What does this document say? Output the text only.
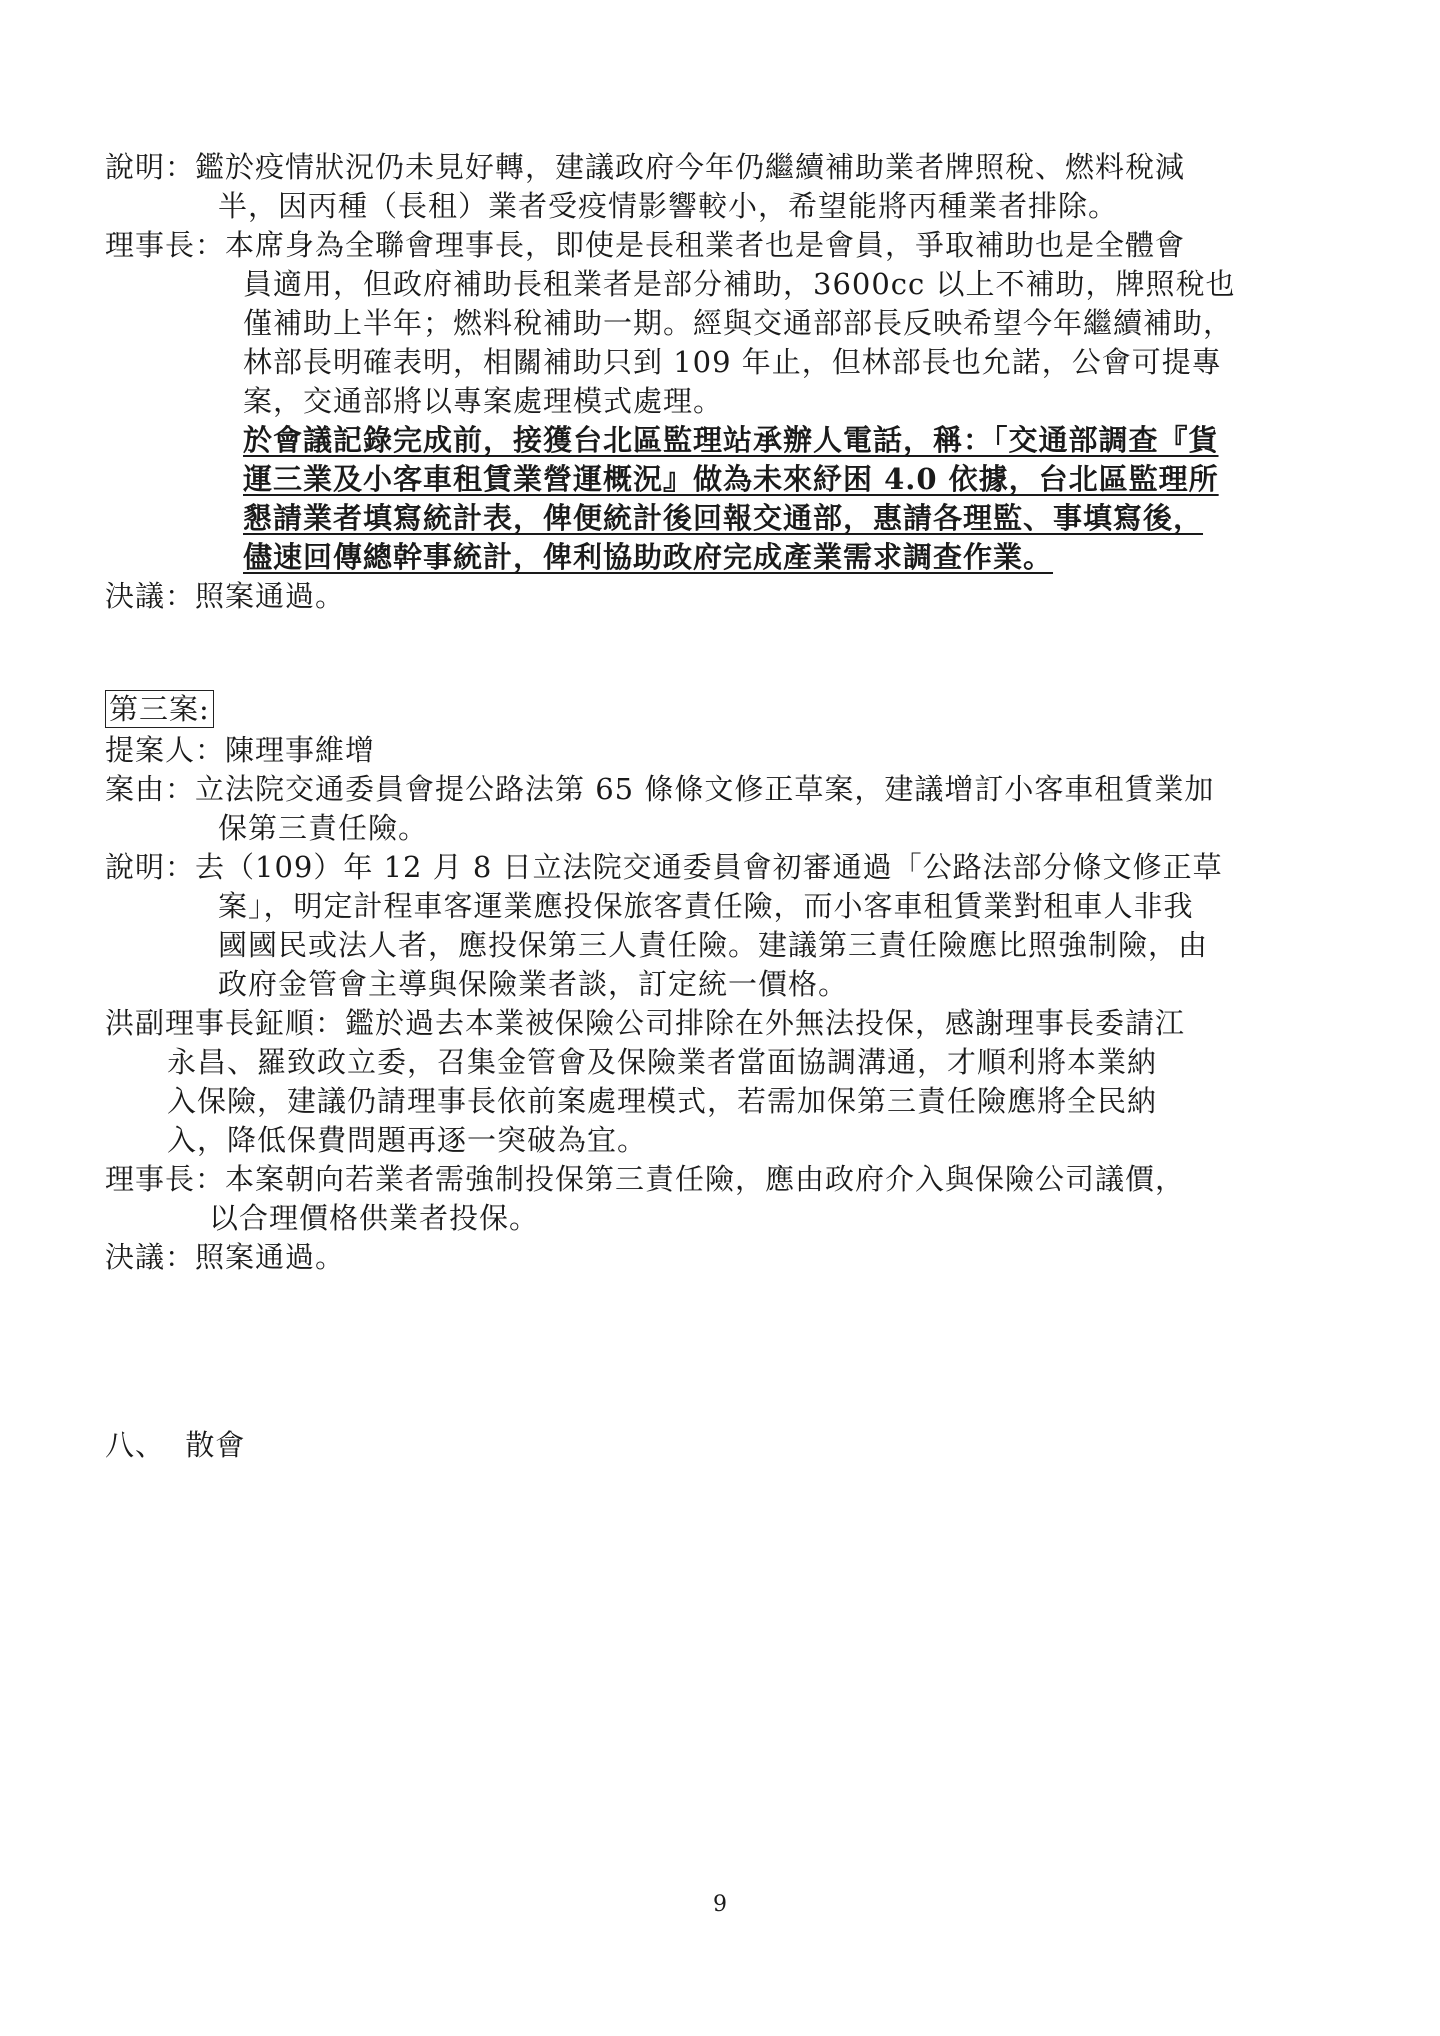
說明：鑑於疫情狀況仍未見好轉，建議政府今年仍繼續補助業者牌照稅、燃料稅減
半，因丙種（長租）業者受疫情影響較小，希望能將丙種業者排除。
理事長：本席身為全聯會理事長，即使是長租業者也是會員，爭取補助也是全體會
員適用，但政府補助長租業者是部分補助，3600cc 以上不補助，牌照稅也
僅補助上半年；燃料稅補助一期。經與交通部部長反映希望今年繼續補助，
林部長明確表明，相關補助只到 109 年止，但林部長也允諾，公會可提專
案，交通部將以專案處理模式處理。
於會議記錄完成前，接獲台北區監理站承辦人電話，稱：「交通部調查『貨
運三業及小客車租賃業營運概況』做為未來紓困 4.0 依據，台北區監理所
懇請業者填寫統計表，俾便統計後回報交通部，惠請各理監、事填寫後，
儘速回傳總幹事統計，俾利協助政府完成產業需求調查作業。
決議：照案通過。
第三案:
提案人：陳理事維增
案由：立法院交通委員會提公路法第 65 條條文修正草案，建議增訂小客車租賃業加
保第三責任險。
說明：去（109）年 12 月 8 日立法院交通委員會初審通過「公路法部分條文修正草
案」，明定計程車客運業應投保旅客責任險，而小客車租賃業對租車人非我
國國民或法人者，應投保第三人責任險。建議第三責任險應比照強制險，由
政府金管會主導與保險業者談，訂定統一價格。
洪副理事長鉦順：鑑於過去本業被保險公司排除在外無法投保，感謝理事長委請江
永昌、羅致政立委，召集金管會及保險業者當面協調溝通，才順利將本業納
入保險，建議仍請理事長依前案處理模式，若需加保第三責任險應將全民納
入，降低保費問題再逐一突破為宜。
理事長：本案朝向若業者需強制投保第三責任險，應由政府介入與保險公司議價，
以合理價格供業者投保。
決議：照案通過。
八、  散會
9
